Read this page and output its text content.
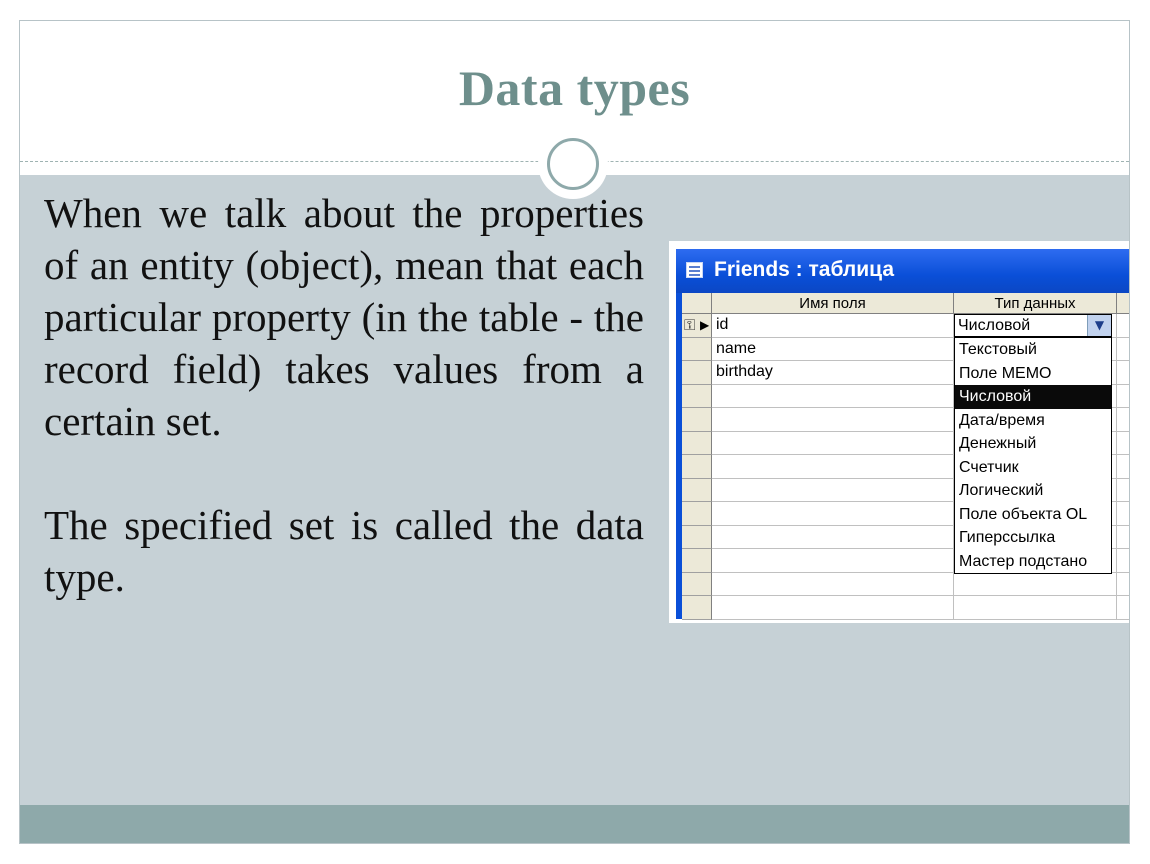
Data types

When we talk about the properties of an entity (object), mean that each particular property (in the table - the record field) takes values from a certain set.

The specified set is called the data type.

Friends : таблица
Имя поля	Тип данных
⚿ ▶ id
name
birthday
Числовой	▼
Текстовый
Поле MEMO
Числовой
Дата/время
Денежный
Счетчик
Логический
Поле объекта OL
Гиперссылка
Мастер подстано
